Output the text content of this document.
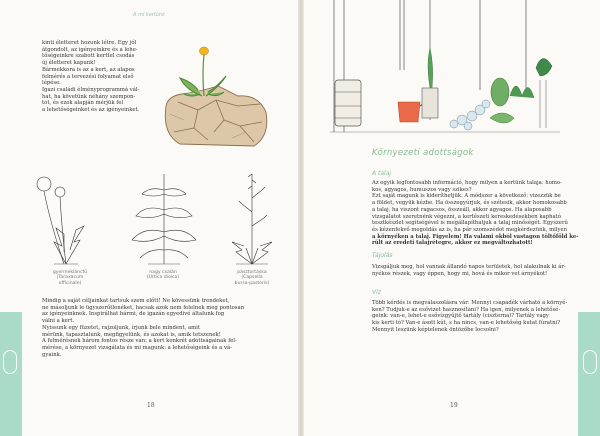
A mi kertünk

kinti életteret hozunk létre. Egy jól

átgondolt, az igényeinkre és a lehe-

tőségeinkre szabott kerttel csodás

új életteret kapunk!

Bármekkora is az a kert, az alapos

felmérés a tervezési folyamat első

lépése.

Igazi családi élményprogrammá vál-

hat, ha követünk néhány szempon-

tot, és ezek alapján mérjük fel

a lehetőségeinket és az igényeinket.

gyermekláncfű
(Taraxacum
officinale)
nagy csalán
(Urtica dioica)
pásztortáska
(Capsella
bursa-pastoris)

Mindig a saját céljainkat tartsuk szem előtt! Ne kövessünk trendeket,

ne másoljunk le ügyszerűtlenéket, hacsak azok nem felelnek meg pontosan

az igényeinknek. Inspirálhat bármi, de igazán egyedivé általunk fog

válni a kert.

Nyissunk egy füzetet, rajzoljunk, írjunk bele mindent, amit

mérünk, tapasztalunk, megfigyelünk, és azokat is, amik tetszenek!

A felmérésnek három fontos része van: a kert konkrét adottságainak fel-

mérése, a környezet vizsgálata és mi magunk: a lehetőségeink és a vá-

gyaink.

18
Környezeti adottságok
A talaj

Az egyik legfontosabb információ, hogy milyen a kertünk talaja: homo-

kos, agyagos, humuszos vagy szikes?

Ezt saját magunk is kideríthetjük. A módszer a következő: vizezzük be

a földet, vegyük kézbe. Ha összegyúrjuk, és szétesik, akkor homokosabb

a talaj, ha viszont ragacsos, összeáll, akkor agyagos. Ha alaposabb

vizsgálatot szeretnénk végezni, a kertészeti kereskedésekben kapható

tesztkészlet segítségével is megállapíthatjuk a talaj minőségét. Egyszerű

és kézenfekvő megoldás az is, ha pár szomszédot megkérdezünk, milyen

a környéken a talaj. Figyelem! Ha valami okból vastagon töltőföld ke-

rült az eredeti talajrétegre, akkor ez megváltozhatott!

Tájolás

Vizsgáljuk meg, hol vannak állandó napos területek, hol alakulnak ki ár-

nyékos részek, vagy éppen, hogy mi, hová és mikor vet árnyékot!

Víz

Több kérdés is megválaszolásra vár: Mennyi csapadék várható a környé-

ken? Tudjuk-e az esővizet hasznosítani? Ha igen, milyenek a lehetősé-

geink: van-e, lehet-e esővízgyűjtő tartály (ciszterna)? Tartály vagy

kis kerti tó? Van-e ásott kút, s ha nincs, van-e lehetőség kutat fúratni?

Mennyit leszünk képtelenek öntözőbe locsolni?

19
